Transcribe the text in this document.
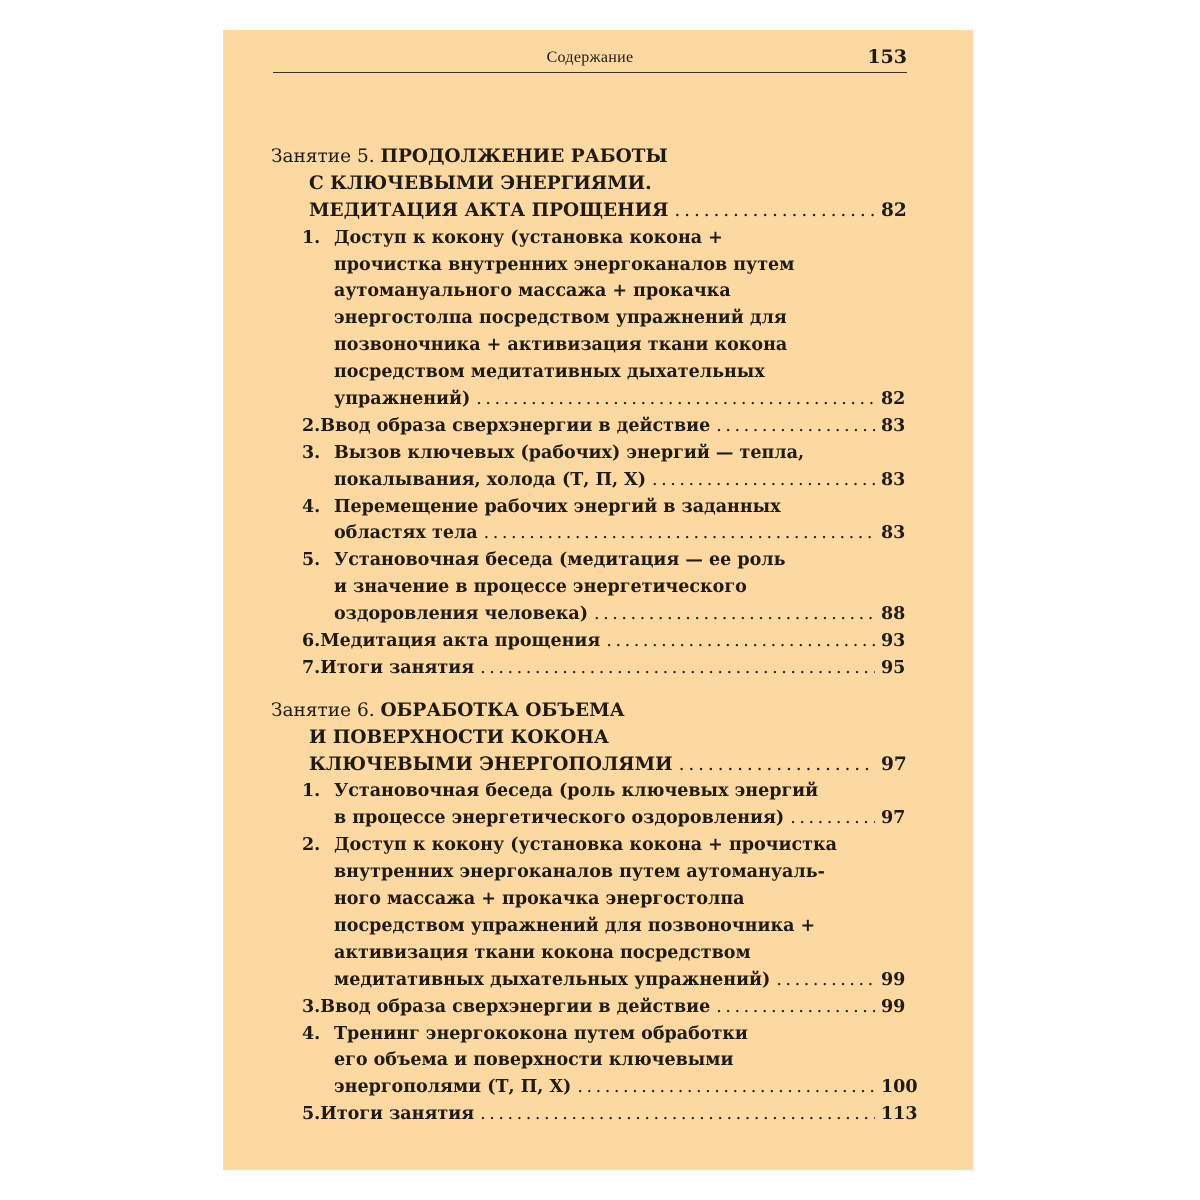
Содержание	153
Занятие 5. ПРОДОЛЖЕНИЕ РАБОТЫ
С КЛЮЧЕВЫМИ ЭНЕРГИЯМИ.
МЕДИТАЦИЯ АКТА ПРОЩЕНИЯ . . .	82
1. Доступ к кокону (установка кокона +
прочистка внутренних энергоканалов путем
аутомануального массажа + прокачка
энергостолпа посредством упражнений для
позвоночника + активизация ткани кокона
посредством медитативных дыхательных
упражнений) . . .	82
2. Ввод образа сверхэнергии в действие . . .	83
3. Вызов ключевых (рабочих) энергий — тепла,
покалывания, холода (Т, П, Х) . . .	83
4. Перемещение рабочих энергий в заданных
областях тела . . .	83
5. Установочная беседа (медитация — ее роль
и значение в процессе энергетического
оздоровления человека) . . .	88
6. Медитация акта прощения . . .	93
7. Итоги занятия . . .	95
Занятие 6. ОБРАБОТКА ОБЪЕМА
И ПОВЕРХНОСТИ КОКОНА
КЛЮЧЕВЫМИ ЭНЕРГОПОЛЯМИ . . .	97
1. Установочная беседа (роль ключевых энергий
в процессе энергетического оздоровления) . . .	97
2. Доступ к кокону (установка кокона + прочистка
внутренних энергоканалов путем аутомануаль-
ного массажа + прокачка энергостолпа
посредством упражнений для позвоночника +
активизация ткани кокона посредством
медитативных дыхательных упражнений) . . .	99
3. Ввод образа сверхэнергии в действие . . .	99
4. Тренинг энергококона путем обработки
его объема и поверхности ключевыми
энергополями (Т, П, Х) . . .	100
5. Итоги занятия . . .	113
